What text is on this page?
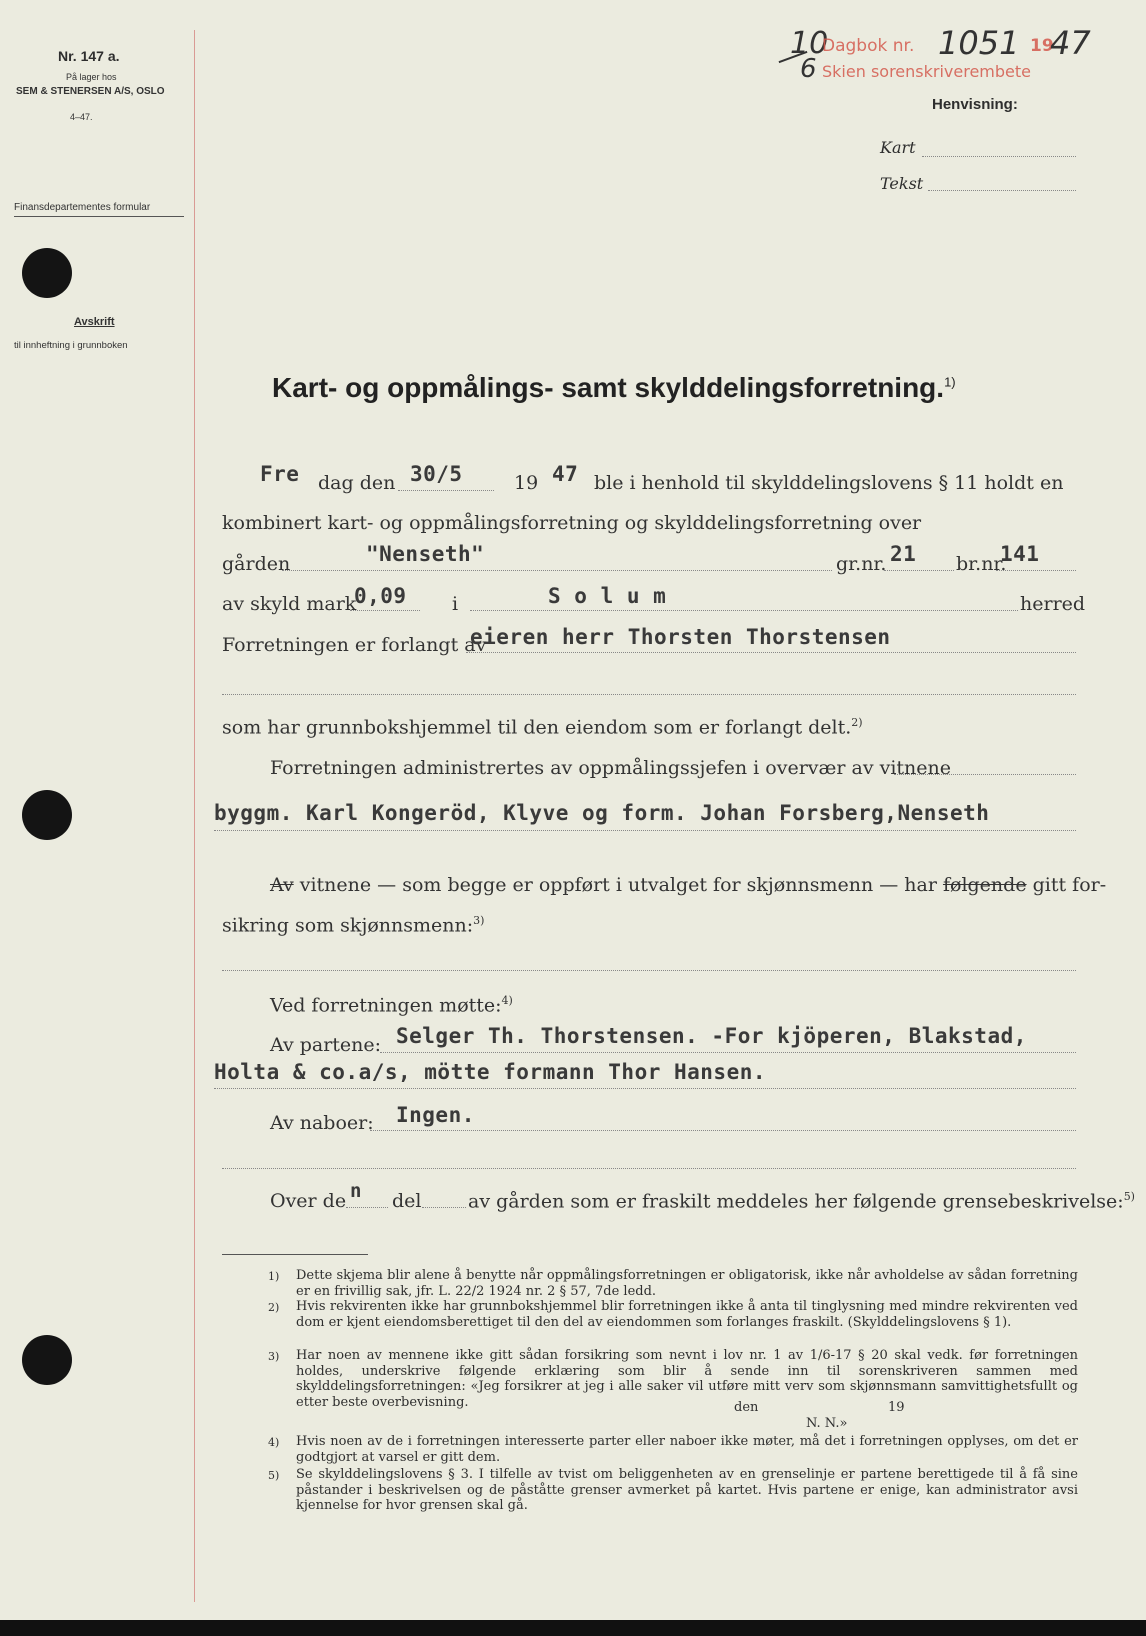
Nr. 147 a.
På lager hos
SEM & STENERSEN A/S, OSLO
4–47.
Finansdepartementes formular
Avskrift
til innheftning i grunnboken
10
6
Dagbok nr. 1051 19
47
Skien sorenskriverembete
Henvisning:
Kart
Tekst
Kart- og oppmålings- samt skylddelingsforretning.$^{1)}$
Fre dag den 30/5	19 47 ble i henhold til skylddelingslovens § 11 holdt en
kombinert kart- og oppmålingsforretning og skylddelingsforretning over
gården	"Nenseth"	gr.nr. 21 br.nr.
141
av skyld mark
0,09 i	S o l u m	herred
Forretningen er forlangt av
eieren herr Thorsten Thorstensen
som har grunnbokshjemmel til den eiendom som er forlangt delt.$^{2)}$
Forretningen administrertes av oppmålingssjefen i overvær av vitnene
byggm. Karl Kongeröd, Klyve og form. Johan Forsberg,Nenseth
Av vitnene — som begge er oppført i utvalget for skjønnsmenn — har følgende gitt for-
sikring som skjønnsmenn:$^{3)}$
Ved forretningen møtte:$^{4)}$
Av partene: Selger Th. Thorstensen. -For kjöperen, Blakstad,
Holta & co.a/s, mötte formann Thor Hansen.
Av naboer: Ingen.
Over de n del av gården som er fraskilt meddeles her følgende grensebeskrivelse:$^{5)}$
1) Dette skjema blir alene å benytte når oppmålingsforretningen er obligatorisk, ikke når avholdelse av sådan forretning er en frivillig sak, jfr. L. 22/2 1924 nr. 2 § 57, 7de ledd.
2) Hvis rekvirenten ikke har grunnbokshjemmel blir forretningen ikke å anta til tinglysning med mindre rekvirenten ved dom er kjent eiendomsberettiget til den del av eiendommen som forlanges fraskilt. (Skylddelingslovens § 1).
3) Har noen av mennene ikke gitt sådan forsikring som nevnt i lov nr. 1 av 1/6-17 § 20 skal vedk. før forretningen holdes, underskrive følgende erklæring som blir å sende inn til sorenskriveren sammen med skylddelingsforretningen: «Jeg forsikrer at jeg i alle saker vil utføre mitt verv som skjønnsmann samvittighetsfullt og etter beste overbevisning.	den	19
N. N.»
4) Hvis noen av de i forretningen interesserte parter eller naboer ikke møter, må det i forretningen opplyses, om det er godtgjort at varsel er gitt dem.
5) Se skylddelingslovens § 3. I tilfelle av tvist om beliggenheten av en grenselinje er partene berettigede til å få sine påstander i beskrivelsen og de påståtte grenser avmerket på kartet. Hvis partene er enige, kan administrator avsi kjennelse for hvor grensen skal gå.
